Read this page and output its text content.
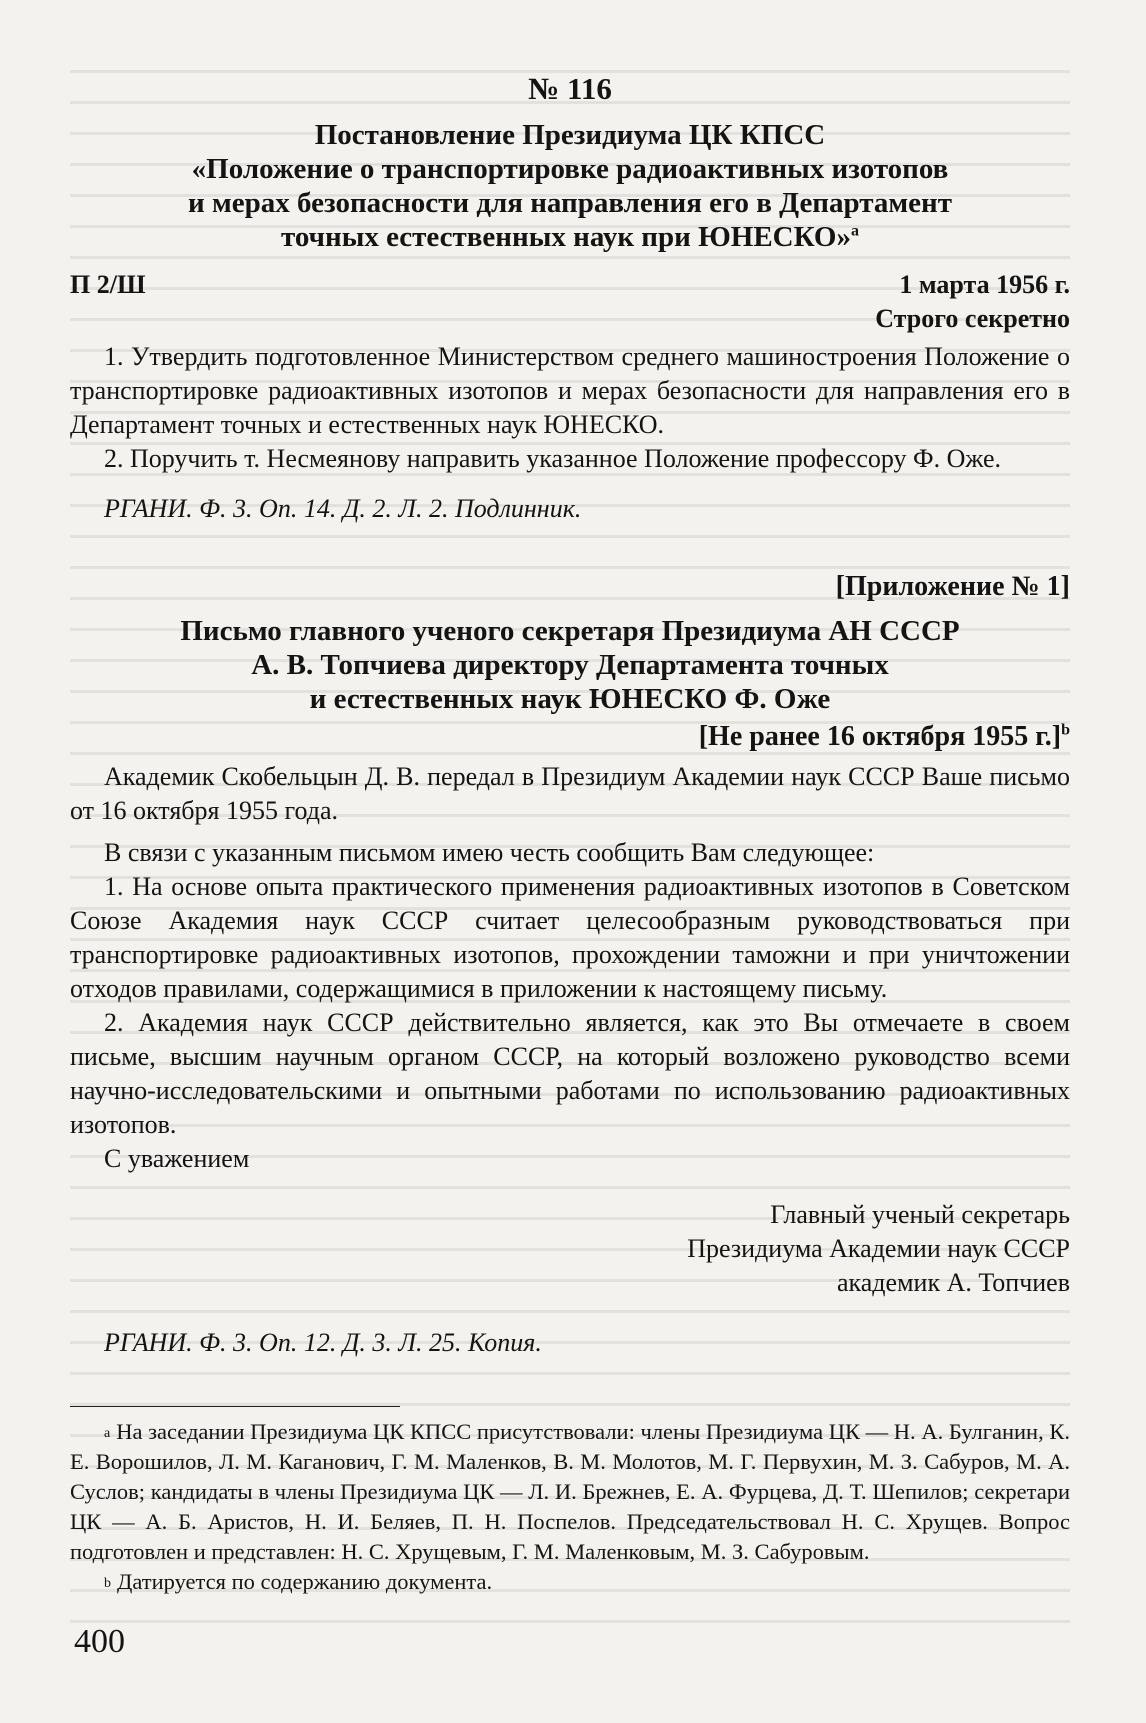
№ 116
Постановление Президиума ЦК КПСС
«Положение о транспортировке радиоактивных изотопов
и мерах безопасности для направления его в Департамент
точных естественных наук при ЮНЕСКО»$^a$
П 2/Ш	1 марта 1956 г.
Строго секретно

1. Утвердить подготовленное Министерством среднего машиностроения Положение о транспортировке радиоактивных изотопов и мерах безопасности для направления его в Департамент точных и естественных наук ЮНЕСКО.

2. Поручить т. Несмеянову направить указанное Положение профессору Ф. Оже.

РГАНИ. Ф. 3. Оп. 14. Д. 2. Л. 2. Подлинник.

[Приложение № 1]
Письмо главного ученого секретаря Президиума АН СССР
А. В. Топчиева директору Департамента точных
и естественных наук ЮНЕСКО Ф. Оже
[Не ранее 16 октября 1955 г.]$^b$

Академик Скобельцын Д. В. передал в Президиум Академии наук СССР Ваше письмо от 16 октября 1955 года.

В связи с указанным письмом имею честь сообщить Вам следующее:

1. На основе опыта практического применения радиоактивных изотопов в Советском Союзе Академия наук СССР считает целесообразным руководствоваться при транспортировке радиоактивных изотопов, прохождении таможни и при уничтожении отходов правилами, содержащимися в приложении к настоящему письму.

2. Академия наук СССР действительно является, как это Вы отмечаете в своем письме, высшим научным органом СССР, на который возложено руководство всеми научно-исследовательскими и опытными работами по использованию радиоактивных изотопов.

С уважением

Главный ученый секретарь
Президиума Академии наук СССР
академик А. Топчиев

РГАНИ. Ф. 3. Оп. 12. Д. 3. Л. 25. Копия.

$^a$ На заседании Президиума ЦК КПСС присутствовали: члены Президиума ЦК — Н. А. Булганин, К. Е. Ворошилов, Л. М. Каганович, Г. М. Маленков, В. М. Молотов, М. Г. Первухин, М. З. Сабуров, М. А. Суслов; кандидаты в члены Президиума ЦК — Л. И. Брежнев, Е. А. Фурцева, Д. Т. Шепилов; секретари ЦК — А. Б. Аристов, Н. И. Беляев, П. Н. Поспелов. Председательствовал Н. С. Хрущев. Вопрос подготовлен и представлен: Н. С. Хрущевым, Г. М. Маленковым, М. З. Сабуровым.

$^b$ Датируется по содержанию документа.

400
